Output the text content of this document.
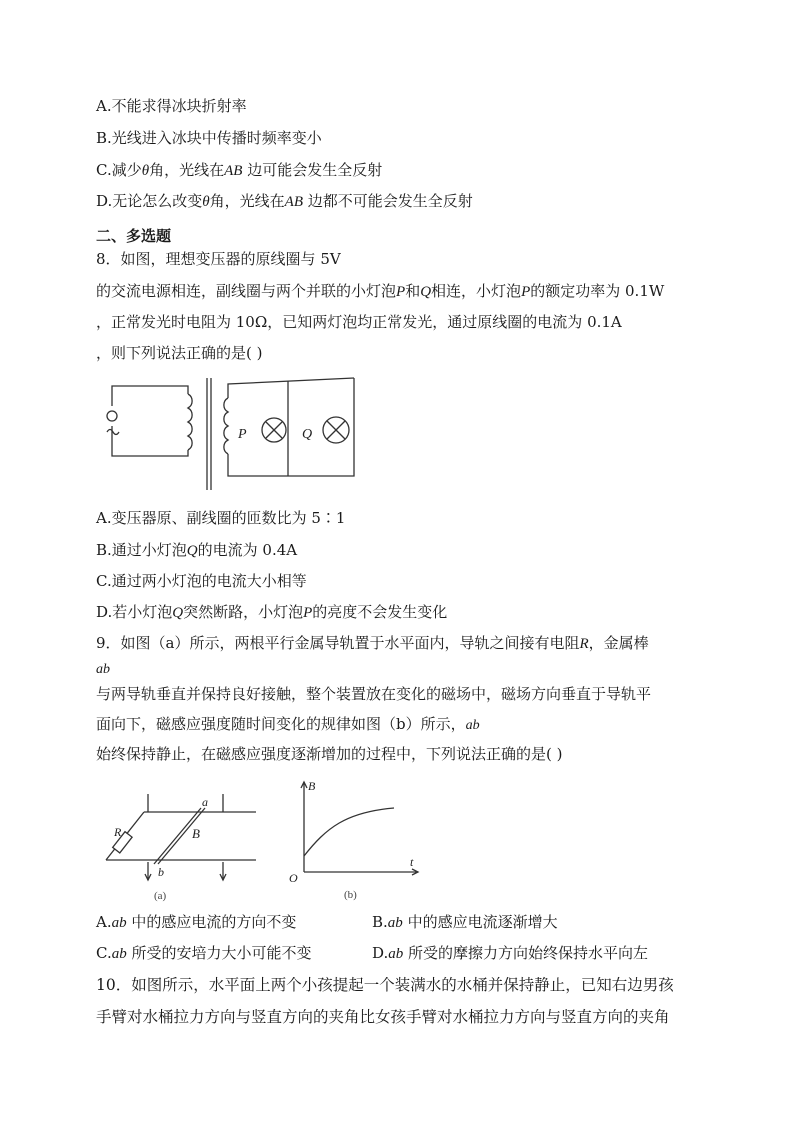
A.不能求得冰块折射率
B.光线进入冰块中传播时频率变小
C.减少θ角，光线在AB 边可能会发生全反射
D.无论怎么改变θ角，光线在AB 边都不可能会发生全反射
二、多选题
8．如图，理想变压器的原线圈与 5V
的交流电源相连，副线圈与两个并联的小灯泡P和Q相连，小灯泡P的额定功率为 0.1W
，正常发光时电阻为 10Ω，已知两灯泡均正常发光，通过原线圈的电流为 0.1A
，则下列说法正确的是( )
P	Q
A.变压器原、副线圈的匝数比为 5∶1
B.通过小灯泡Q的电流为 0.4A
C.通过两小灯泡的电流大小相等
D.若小灯泡Q突然断路，小灯泡P的亮度不会发生变化
9．如图（a）所示，两根平行金属导轨置于水平面内，导轨之间接有电阻R，金属棒
ab
与两导轨垂直并保持良好接触，整个装置放在变化的磁场中，磁场方向垂直于导轨平
面向下，磁感应强度随时间变化的规律如图（b）所示，ab
始终保持静止，在磁感应强度逐渐增加的过程中，下列说法正确的是( )
R
a
b
B
(a)
B
O
t
(b)
A.ab 中的感应电流的方向不变	B.ab 中的感应电流逐渐增大
C.ab 所受的安培力大小可能不变	D.ab 所受的摩擦力方向始终保持水平向左
10．如图所示，水平面上两个小孩提起一个装满水的水桶并保持静止，已知右边男孩
手臂对水桶拉力方向与竖直方向的夹角比女孩手臂对水桶拉力方向与竖直方向的夹角
